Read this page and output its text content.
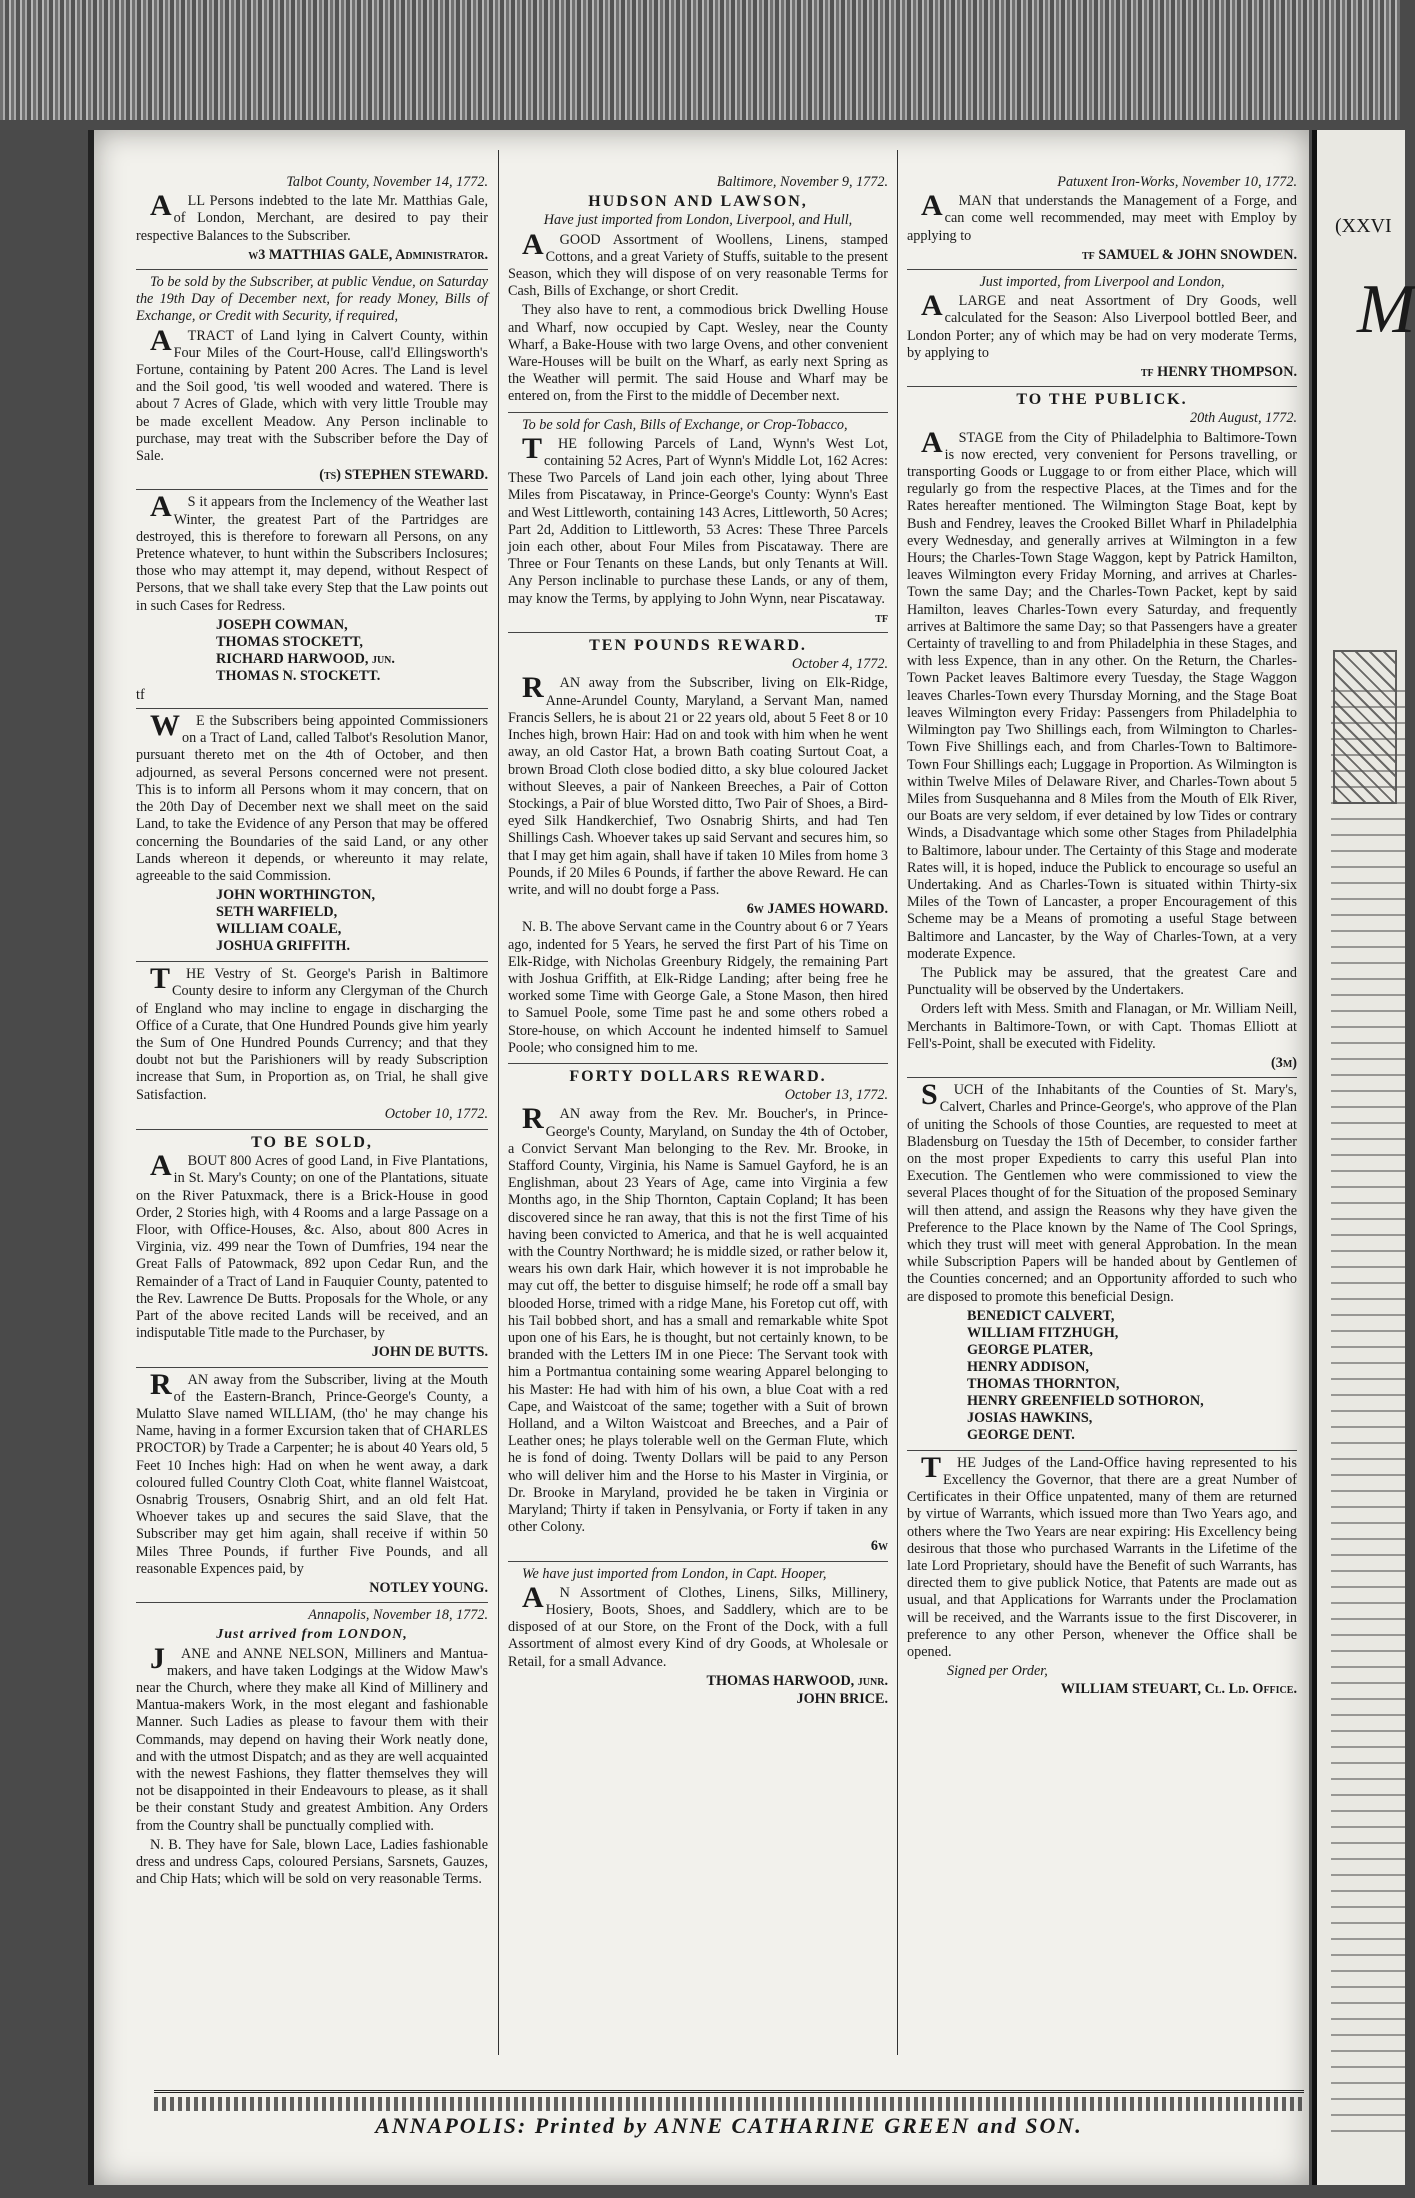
Talbot County, November 14, 1772.

ALL Persons indebted to the late Mr. Matthias Gale, of London, Merchant, are desired to pay their respective Balances to the Subscriber.

w3 MATTHIAS GALE, Administrator.

To be sold by the Subscriber, at public Vendue, on Saturday the 19th Day of December next, for ready Money, Bills of Exchange, or Credit with Security, if required,

ATRACT of Land lying in Calvert County, within Four Miles of the Court-House, call'd Ellingsworth's Fortune, containing by Patent 200 Acres. The Land is level and the Soil good, 'tis well wooded and watered. There is about 7 Acres of Glade, which with very little Trouble may be made excellent Meadow. Any Person inclinable to purchase, may treat with the Subscriber before the Day of Sale.

(ts) STEPHEN STEWARD.

AS it appears from the Inclemency of the Weather last Winter, the greatest Part of the Partridges are destroyed, this is therefore to forewarn all Persons, on any Pretence whatever, to hunt within the Subscribers Inclosures; those who may attempt it, may depend, without Respect of Persons, that we shall take every Step that the Law points out in such Cases for Redress.

JOSEPH COWMAN,
THOMAS STOCKETT,
RICHARD HARWOOD, jun.
THOMAS N. STOCKETT.
tf

WE the Subscribers being appointed Commissioners on a Tract of Land, called Talbot's Resolution Manor, pursuant thereto met on the 4th of October, and then adjourned, as several Persons concerned were not present. This is to inform all Persons whom it may concern, that on the 20th Day of December next we shall meet on the said Land, to take the Evidence of any Person that may be offered concerning the Boundaries of the said Land, or any other Lands whereon it depends, or whereunto it may relate, agreeable to the said Commission.

JOHN WORTHINGTON,
SETH WARFIELD,
WILLIAM COALE,
JOSHUA GRIFFITH.

THE Vestry of St. George's Parish in Baltimore County desire to inform any Clergyman of the Church of England who may incline to engage in discharging the Office of a Curate, that One Hundred Pounds give him yearly the Sum of One Hundred Pounds Currency; and that they doubt not but the Parishioners will by ready Subscription increase that Sum, in Proportion as, on Trial, he shall give Satisfaction.

October 10, 1772.
TO BE SOLD,

ABOUT 800 Acres of good Land, in Five Plantations, in St. Mary's County; on one of the Plantations, situate on the River Patuxmack, there is a Brick-House in good Order, 2 Stories high, with 4 Rooms and a large Passage on a Floor, with Office-Houses, &c. Also, about 800 Acres in Virginia, viz. 499 near the Town of Dumfries, 194 near the Great Falls of Patowmack, 892 upon Cedar Run, and the Remainder of a Tract of Land in Fauquier County, patented to the Rev. Lawrence De Butts. Proposals for the Whole, or any Part of the above recited Lands will be received, and an indisputable Title made to the Purchaser, by

JOHN DE BUTTS.

RAN away from the Subscriber, living at the Mouth of the Eastern-Branch, Prince-George's County, a Mulatto Slave named WILLIAM, (tho' he may change his Name, having in a former Excursion taken that of CHARLES PROCTOR) by Trade a Carpenter; he is about 40 Years old, 5 Feet 10 Inches high: Had on when he went away, a dark coloured fulled Country Cloth Coat, white flannel Waistcoat, Osnabrig Trousers, Osnabrig Shirt, and an old felt Hat. Whoever takes up and secures the said Slave, that the Subscriber may get him again, shall receive if within 50 Miles Three Pounds, if further Five Pounds, and all reasonable Expences paid, by

NOTLEY YOUNG.
Annapolis, November 18, 1772.
Just arrived from LONDON,

JANE and ANNE NELSON, Milliners and Mantua-makers, and have taken Lodgings at the Widow Maw's near the Church, where they make all Kind of Millinery and Mantua-makers Work, in the most elegant and fashionable Manner. Such Ladies as please to favour them with their Commands, may depend on having their Work neatly done, and with the utmost Dispatch; and as they are well acquainted with the newest Fashions, they flatter themselves they will not be disappointed in their Endeavours to please, as it shall be their constant Study and greatest Ambition. Any Orders from the Country shall be punctually complied with.

N. B. They have for Sale, blown Lace, Ladies fashionable dress and undress Caps, coloured Persians, Sarsnets, Gauzes, and Chip Hats; which will be sold on very reasonable Terms.

Baltimore, November 9, 1772.
HUDSON AND LAWSON,

Have just imported from London, Liverpool, and Hull,

AGOOD Assortment of Woollens, Linens, stamped Cottons, and a great Variety of Stuffs, suitable to the present Season, which they will dispose of on very reasonable Terms for Cash, Bills of Exchange, or short Credit.

They also have to rent, a commodious brick Dwelling House and Wharf, now occupied by Capt. Wesley, near the County Wharf, a Bake-House with two large Ovens, and other convenient Ware-Houses will be built on the Wharf, as early next Spring as the Weather will permit. The said House and Wharf may be entered on, from the First to the middle of December next.

To be sold for Cash, Bills of Exchange, or Crop-Tobacco,

THE following Parcels of Land, Wynn's West Lot, containing 52 Acres, Part of Wynn's Middle Lot, 162 Acres: These Two Parcels of Land join each other, lying about Three Miles from Piscataway, in Prince-George's County: Wynn's East and West Littleworth, containing 143 Acres, Littleworth, 50 Acres; Part 2d, Addition to Littleworth, 53 Acres: These Three Parcels join each other, about Four Miles from Piscataway. There are Three or Four Tenants on these Lands, but only Tenants at Will. Any Person inclinable to purchase these Lands, or any of them, may know the Terms, by applying to John Wynn, near Piscataway.

tf
TEN POUNDS REWARD.
October 4, 1772.

RAN away from the Subscriber, living on Elk-Ridge, Anne-Arundel County, Maryland, a Servant Man, named Francis Sellers, he is about 21 or 22 years old, about 5 Feet 8 or 10 Inches high, brown Hair: Had on and took with him when he went away, an old Castor Hat, a brown Bath coating Surtout Coat, a brown Broad Cloth close bodied ditto, a sky blue coloured Jacket without Sleeves, a pair of Nankeen Breeches, a Pair of Cotton Stockings, a Pair of blue Worsted ditto, Two Pair of Shoes, a Bird-eyed Silk Handkerchief, Two Osnabrig Shirts, and had Ten Shillings Cash. Whoever takes up said Servant and secures him, so that I may get him again, shall have if taken 10 Miles from home 3 Pounds, if 20 Miles 6 Pounds, if farther the above Reward. He can write, and will no doubt forge a Pass.

6w JAMES HOWARD.

N. B. The above Servant came in the Country about 6 or 7 Years ago, indented for 5 Years, he served the first Part of his Time on Elk-Ridge, with Nicholas Greenbury Ridgely, the remaining Part with Joshua Griffith, at Elk-Ridge Landing; after being free he worked some Time with George Gale, a Stone Mason, then hired to Samuel Poole, some Time past he and some others robed a Store-house, on which Account he indented himself to Samuel Poole; who consigned him to me.

FORTY DOLLARS REWARD.
October 13, 1772.

RAN away from the Rev. Mr. Boucher's, in Prince-George's County, Maryland, on Sunday the 4th of October, a Convict Servant Man belonging to the Rev. Mr. Brooke, in Stafford County, Virginia, his Name is Samuel Gayford, he is an Englishman, about 23 Years of Age, came into Virginia a few Months ago, in the Ship Thornton, Captain Copland; It has been discovered since he ran away, that this is not the first Time of his having been convicted to America, and that he is well acquainted with the Country Northward; he is middle sized, or rather below it, wears his own dark Hair, which however it is not improbable he may cut off, the better to disguise himself; he rode off a small bay blooded Horse, trimed with a ridge Mane, his Foretop cut off, with his Tail bobbed short, and has a small and remarkable white Spot upon one of his Ears, he is thought, but not certainly known, to be branded with the Letters IM in one Piece: The Servant took with him a Portmantua containing some wearing Apparel belonging to his Master: He had with him of his own, a blue Coat with a red Cape, and Waistcoat of the same; together with a Suit of brown Holland, and a Wilton Waistcoat and Breeches, and a Pair of Leather ones; he plays tolerable well on the German Flute, which he is fond of doing. Twenty Dollars will be paid to any Person who will deliver him and the Horse to his Master in Virginia, or Dr. Brooke in Maryland, provided he be taken in Virginia or Maryland; Thirty if taken in Pensylvania, or Forty if taken in any other Colony.

6w

We have just imported from London, in Capt. Hooper,

AN Assortment of Clothes, Linens, Silks, Millinery, Hosiery, Boots, Shoes, and Saddlery, which are to be disposed of at our Store, on the Front of the Dock, with a full Assortment of almost every Kind of dry Goods, at Wholesale or Retail, for a small Advance.

THOMAS HARWOOD, junr.
JOHN BRICE.
Patuxent Iron-Works, November 10, 1772.

AMAN that understands the Management of a Forge, and can come well recommended, may meet with Employ by applying to

tf SAMUEL & JOHN SNOWDEN.

Just imported, from Liverpool and London,

ALARGE and neat Assortment of Dry Goods, well calculated for the Season: Also Liverpool bottled Beer, and London Porter; any of which may be had on very moderate Terms, by applying to

tf HENRY THOMPSON.
TO THE PUBLICK.
20th August, 1772.

ASTAGE from the City of Philadelphia to Baltimore-Town is now erected, very convenient for Persons travelling, or transporting Goods or Luggage to or from either Place, which will regularly go from the respective Places, at the Times and for the Rates hereafter mentioned. The Wilmington Stage Boat, kept by Bush and Fendrey, leaves the Crooked Billet Wharf in Philadelphia every Wednesday, and generally arrives at Wilmington in a few Hours; the Charles-Town Stage Waggon, kept by Patrick Hamilton, leaves Wilmington every Friday Morning, and arrives at Charles-Town the same Day; and the Charles-Town Packet, kept by said Hamilton, leaves Charles-Town every Saturday, and frequently arrives at Baltimore the same Day; so that Passengers have a greater Certainty of travelling to and from Philadelphia in these Stages, and with less Expence, than in any other. On the Return, the Charles-Town Packet leaves Baltimore every Tuesday, the Stage Waggon leaves Charles-Town every Thursday Morning, and the Stage Boat leaves Wilmington every Friday: Passengers from Philadelphia to Wilmington pay Two Shillings each, from Wilmington to Charles-Town Five Shillings each, and from Charles-Town to Baltimore-Town Four Shillings each; Luggage in Proportion. As Wilmington is within Twelve Miles of Delaware River, and Charles-Town about 5 Miles from Susquehanna and 8 Miles from the Mouth of Elk River, our Boats are very seldom, if ever detained by low Tides or contrary Winds, a Disadvantage which some other Stages from Philadelphia to Baltimore, labour under. The Certainty of this Stage and moderate Rates will, it is hoped, induce the Publick to encourage so useful an Undertaking. And as Charles-Town is situated within Thirty-six Miles of the Town of Lancaster, a proper Encouragement of this Scheme may be a Means of promoting a useful Stage between Baltimore and Lancaster, by the Way of Charles-Town, at a very moderate Expence.

The Publick may be assured, that the greatest Care and Punctuality will be observed by the Undertakers.

Orders left with Mess. Smith and Flanagan, or Mr. William Neill, Merchants in Baltimore-Town, or with Capt. Thomas Elliott at Fell's-Point, shall be executed with Fidelity.

(3m)

SUCH of the Inhabitants of the Counties of St. Mary's, Calvert, Charles and Prince-George's, who approve of the Plan of uniting the Schools of those Counties, are requested to meet at Bladensburg on Tuesday the 15th of December, to consider farther on the most proper Expedients to carry this useful Plan into Execution. The Gentlemen who were commissioned to view the several Places thought of for the Situation of the proposed Seminary will then attend, and assign the Reasons why they have given the Preference to the Place known by the Name of The Cool Springs, which they trust will meet with general Approbation. In the mean while Subscription Papers will be handed about by Gentlemen of the Counties concerned; and an Opportunity afforded to such who are disposed to promote this beneficial Design.

BENEDICT CALVERT,
WILLIAM FITZHUGH,
GEORGE PLATER,
HENRY ADDISON,
THOMAS THORNTON,
HENRY GREENFIELD SOTHORON,
JOSIAS HAWKINS,
GEORGE DENT.

THE Judges of the Land-Office having represented to his Excellency the Governor, that there are a great Number of Certificates in their Office unpatented, many of them are returned by virtue of Warrants, which issued more than Two Years ago, and others where the Two Years are near expiring: His Excellency being desirous that those who purchased Warrants in the Lifetime of the late Lord Proprietary, should have the Benefit of such Warrants, has directed them to give publick Notice, that Patents are made out as usual, and that Applications for Warrants under the Proclamation will be received, and the Warrants issue to the first Discoverer, in preference to any other Person, whenever the Office shall be opened.

Signed per Order,
WILLIAM STEUART, Cl. Ld. Office.
ANNAPOLIS: Printed by ANNE CATHARINE GREEN and SON.
(XXVI
M
